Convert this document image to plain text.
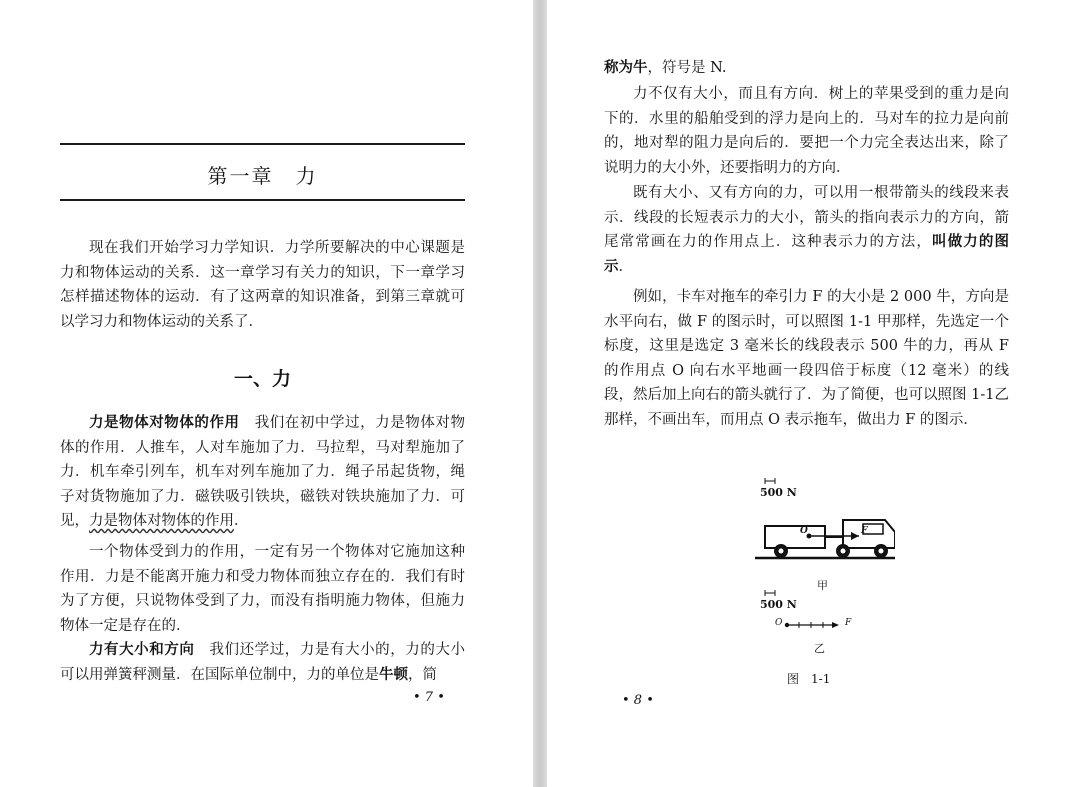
第一章　力

现在我们开始学习力学知识．力学所要解决的中心课题是力和物体运动的关系．这一章学习有关力的知识，下一章学习怎样描述物体的运动．有了这两章的知识准备，到第三章就可以学习力和物体运动的关系了．

一、力

力是物体对物体的作用　 我们在初中学过，力是物体对物体的作用．人推车，人对车施加了力．马拉犁，马对犁施加了力．机车牵引列车，机车对列车施加了力．绳子吊起货物，绳子对货物施加了力．磁铁吸引铁块，磁铁对铁块施加了力．可见，力是物体对物体的作用．

一个物体受到力的作用，一定有另一个物体对它施加这种作用．力是不能离开施力和受力物体而独立存在的．我们有时为了方便，只说物体受到了力，而没有指明施力物体，但施力物体一定是存在的．

力有大小和方向　 我们还学过，力是有大小的，力的大小可以用弹簧秤测量．在国际单位制中，力的单位是牛顿，简

• 7 •

称为牛，符号是 N.

力不仅有大小，而且有方向．树上的苹果受到的重力是向下的．水里的船舶受到的浮力是向上的．马对车的拉力是向前的，地对犁的阻力是向后的．要把一个力完全表达出来，除了说明力的大小外，还要指明力的方向．

既有大小、又有方向的力，可以用一根带箭头的线段来表示．线段的长短表示力的大小，箭头的指向表示力的方向，箭尾常常画在力的作用点上．这种表示力的方法，叫做力的图示．

例如，卡车对拖车的牵引力 F 的大小是 2 000 牛，方向是水平向右，做 F 的图示时，可以照图 1-1 甲那样，先选定一个标度，这里是选定 3 毫米长的线段表示 500 牛的力，再从 F 的作用点 O 向右水平地画一段四倍于标度（12 毫米）的线段，然后加上向右的箭头就行了．为了简便，也可以照图 1-1乙那样，不画出车，而用点 O 表示拖车，做出力 F 的图示．

• 8 •
500 N
O	F
甲
500 N
O	F
乙
图　1-1
